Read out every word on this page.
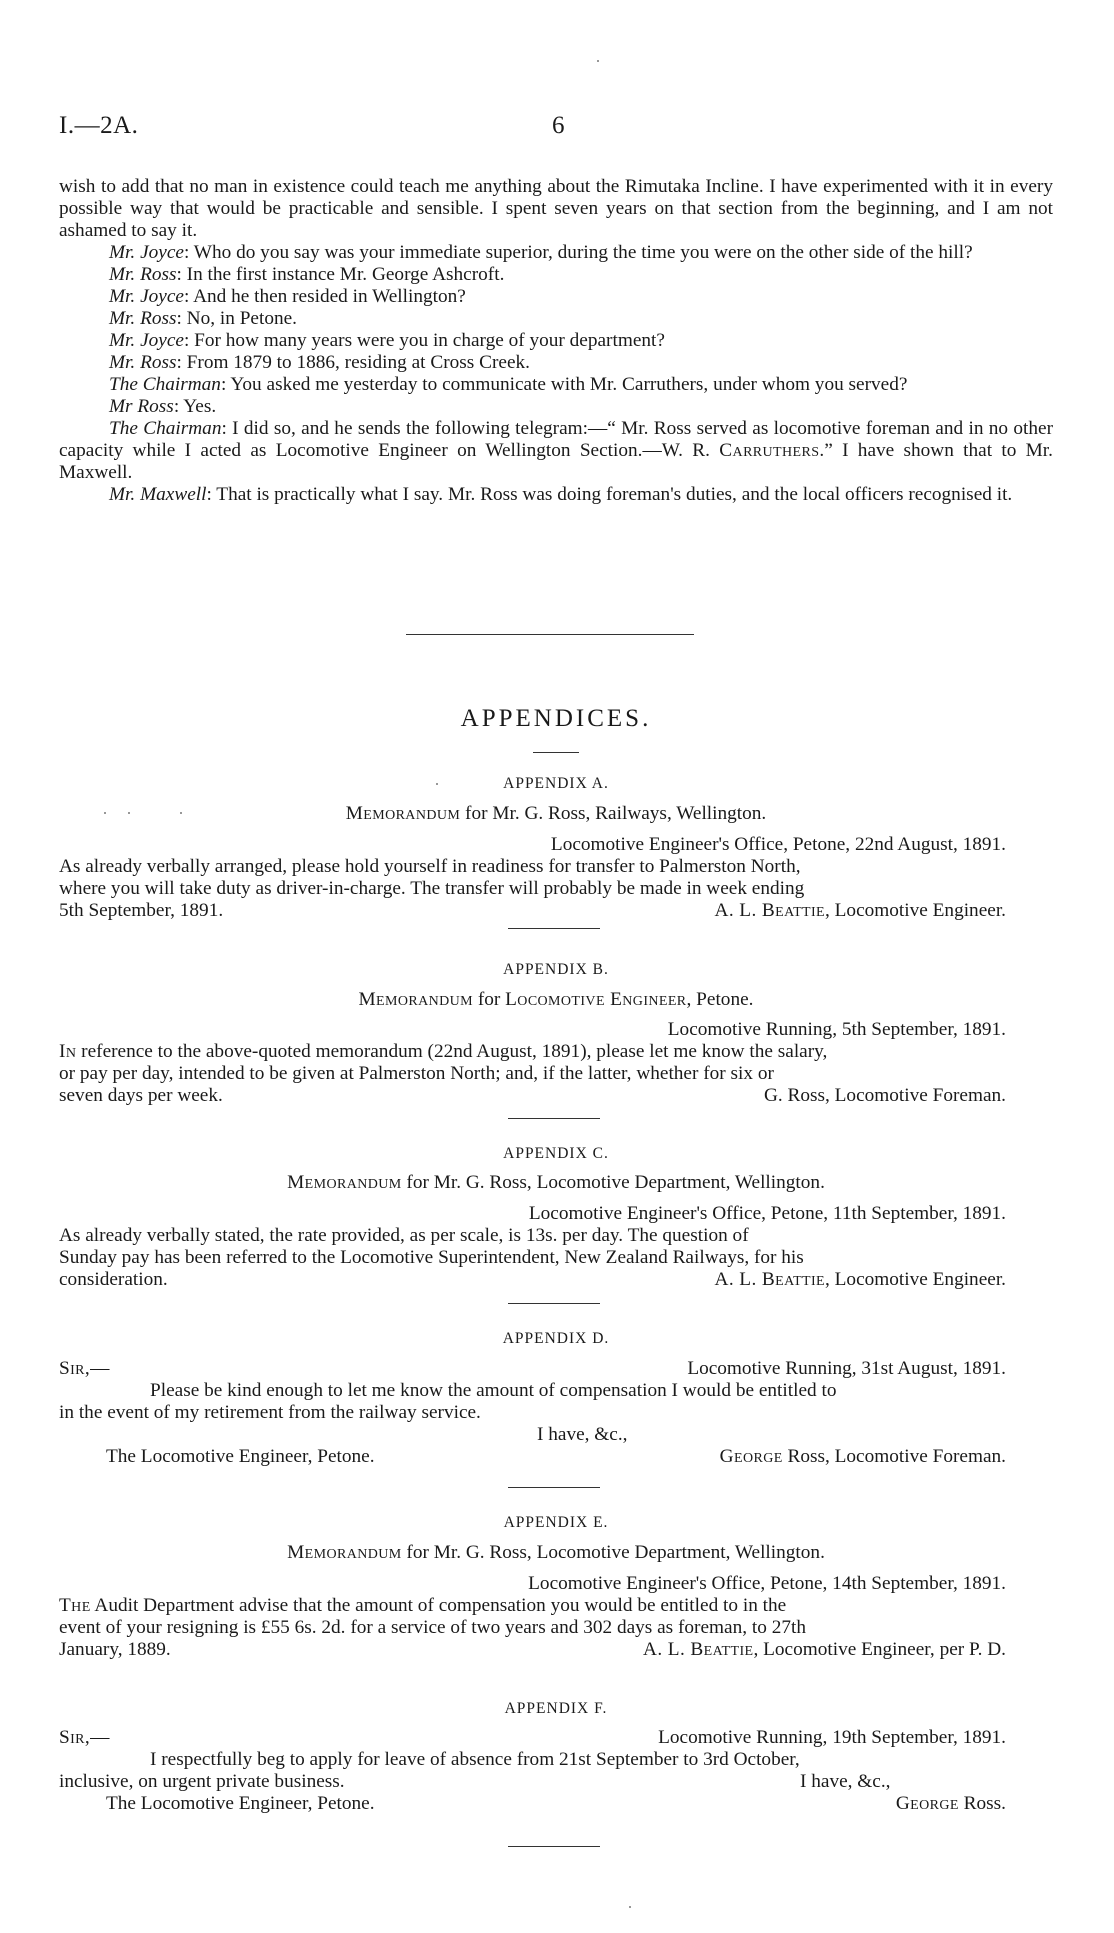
I.—2A.	6

wish to add that no man in existence could teach me anything about the Rimutaka Incline. I have experimented with it in every possible way that would be practicable and sensible. I spent seven years on that section from the beginning, and I am not ashamed to say it.

Mr. Joyce: Who do you say was your immediate superior, during the time you were on the other side of the hill?

Mr. Ross: In the first instance Mr. George Ashcroft.

Mr. Joyce: And he then resided in Wellington?

Mr. Ross: No, in Petone.

Mr. Joyce: For how many years were you in charge of your department?

Mr. Ross: From 1879 to 1886, residing at Cross Creek.

The Chairman: You asked me yesterday to communicate with Mr. Carruthers, under whom you served?

Mr Ross: Yes.

The Chairman: I did so, and he sends the following telegram:—“ Mr. Ross served as locomotive foreman and in no other capacity while I acted as Locomotive Engineer on Wellington Section.—W. R. Carruthers.” I have shown that to Mr. Maxwell.

Mr. Maxwell: That is practically what I say. Mr. Ross was doing foreman's duties, and the local officers recognised it.

APPENDICES.
APPENDIX A.
Memorandum for Mr. G. Ross, Railways, Wellington.
Locomotive Engineer's Office, Petone, 22nd August, 1891.
As already verbally arranged, please hold yourself in readiness for transfer to Palmerston North,
where you will take duty as driver-in-charge. The transfer will probably be made in week ending
5th September, 1891.	A. L. Beattie, Locomotive Engineer.
APPENDIX B.
Memorandum for Locomotive Engineer, Petone.
Locomotive Running, 5th September, 1891.
In reference to the above-quoted memorandum (22nd August, 1891), please let me know the salary,
or pay per day, intended to be given at Palmerston North; and, if the latter, whether for six or
seven days per week.	G. Ross, Locomotive Foreman.
APPENDIX C.
Memorandum for Mr. G. Ross, Locomotive Department, Wellington.
Locomotive Engineer's Office, Petone, 11th September, 1891.
As already verbally stated, the rate provided, as per scale, is 13s. per day. The question of
Sunday pay has been referred to the Locomotive Superintendent, New Zealand Railways, for his
consideration.	A. L. Beattie, Locomotive Engineer.
APPENDIX D.
Sir,—	Locomotive Running, 31st August, 1891.
Please be kind enough to let me know the amount of compensation I would be entitled to
in the event of my retirement from the railway service.
I have, &c.,
The Locomotive Engineer, Petone.	George Ross, Locomotive Foreman.
APPENDIX E.
Memorandum for Mr. G. Ross, Locomotive Department, Wellington.
Locomotive Engineer's Office, Petone, 14th September, 1891.
The Audit Department advise that the amount of compensation you would be entitled to in the
event of your resigning is £55 6s. 2d. for a service of two years and 302 days as foreman, to 27th
January, 1889.	A. L. Beattie, Locomotive Engineer, per P. D.
APPENDIX F.
Sir,—	Locomotive Running, 19th September, 1891.
I respectfully beg to apply for leave of absence from 21st September to 3rd October,
inclusive, on urgent private business.	I have, &c.,
The Locomotive Engineer, Petone.	George Ross.
